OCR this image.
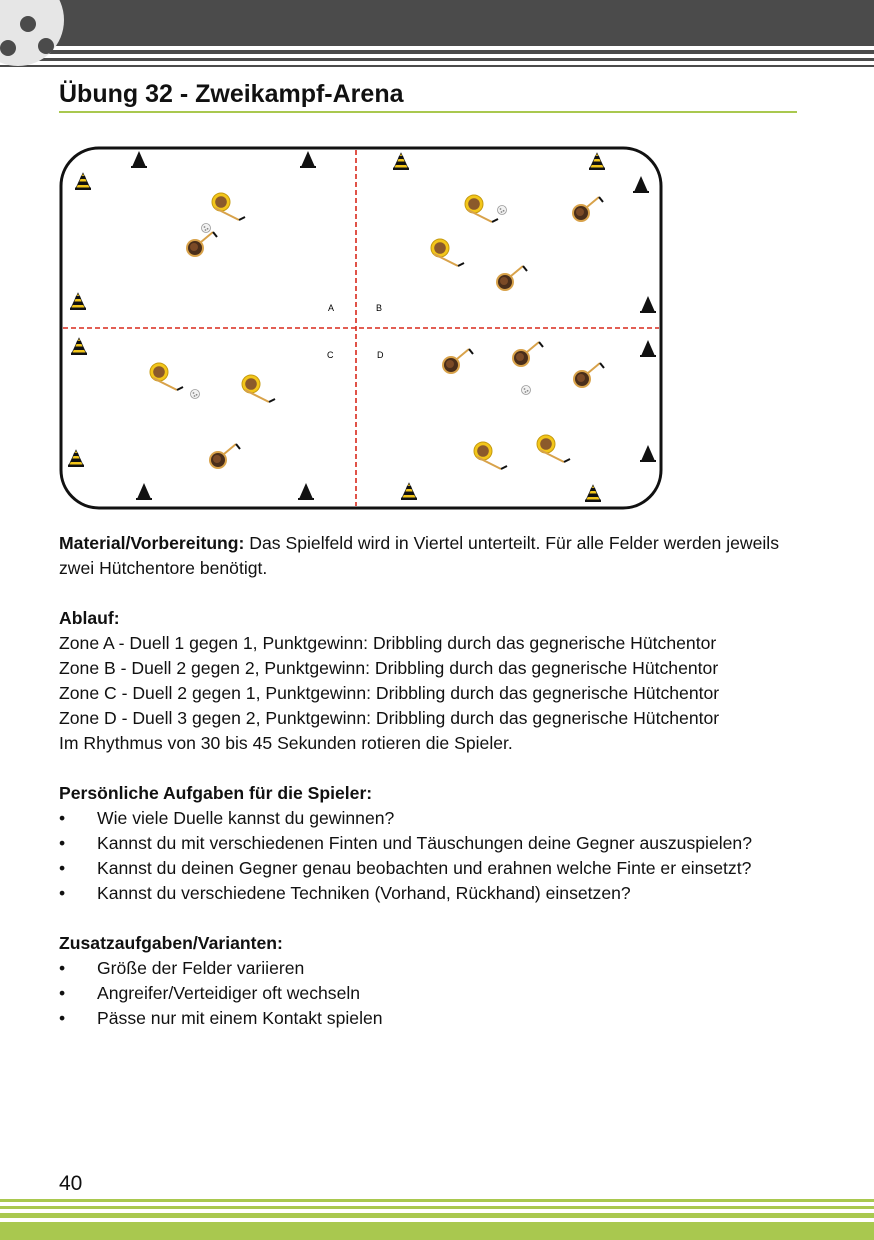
Übung 32 - Zweikampf-Arena
A	B
C	D

Material/Vorbereitung: Das Spielfeld wird in Viertel unterteilt. Für alle Felder werden jeweils zwei Hütchentore benötigt.

Ablauf:

Zone A - Duell 1 gegen 1, Punktgewinn: Dribbling durch das gegnerische Hütchentor

Zone B - Duell 2 gegen 2, Punktgewinn: Dribbling durch das gegnerische Hütchentor

Zone C - Duell 2 gegen 1, Punktgewinn: Dribbling durch das gegnerische Hütchentor

Zone D - Duell 3 gegen 2, Punktgewinn: Dribbling durch das gegnerische Hütchentor

Im Rhythmus von 30 bis 45 Sekunden rotieren die Spieler.

Persönliche Aufgaben für die Spieler:

• Wie viele Duelle kannst du gewinnen?
• Kannst du mit verschiedenen Finten und Täuschungen deine Gegner auszuspielen?
• Kannst du deinen Gegner genau beobachten und erahnen welche Finte er einsetzt?
• Kannst du verschiedene Techniken (Vorhand, Rückhand) einsetzen?

Zusatzaufgaben/Varianten:

• Größe der Felder variieren
• Angreifer/Verteidiger oft wechseln
• Pässe nur mit einem Kontakt spielen
40
